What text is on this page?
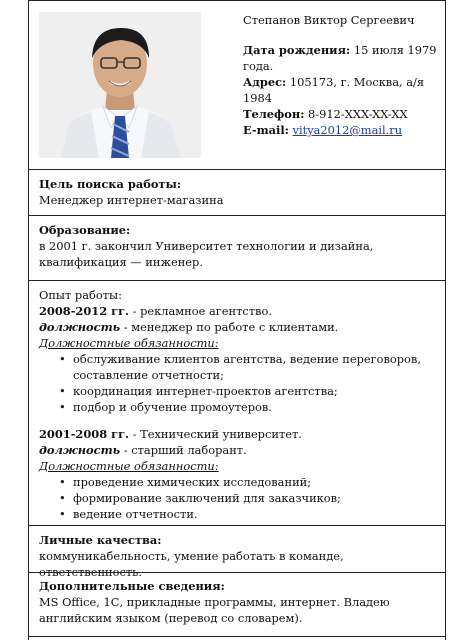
Степанов Виктор Сергеевич
Дата рождения: 15 июля 1979 года.
Адрес: 105173, г. Москва, а/я 1984
Телефон: 8-912-XXX-XX-XX
E-mail: vitya2012@mail.ru
Цель поиска работы:
Менеджер интернет-магазина
Образование:
в 2001 г. закончил Университет технологии и дизайна, квалификация — инженер.
Опыт работы:
2008-2012 гг. - рекламное агентство.
должность - менеджер по работе с клиентами.
Должностные обязанности:
• обслуживание клиентов агентства, ведение переговоров, составление отчетности;
• координация интернет-проектов агентства;
• подбор и обучение промоутеров.
2001-2008 гг. - Технический университет.
должность - старший лаборант.
Должностные обязанности:
• проведение химических исследований;
• формирование заключений для заказчиков;
• ведение отчетности.
Личные качества:
коммуникабельность, умение работать в команде, ответственность.
Дополнительные сведения:
MS Office, 1С, прикладные программы, интернет. Владею английским языком (перевод со словарем).
